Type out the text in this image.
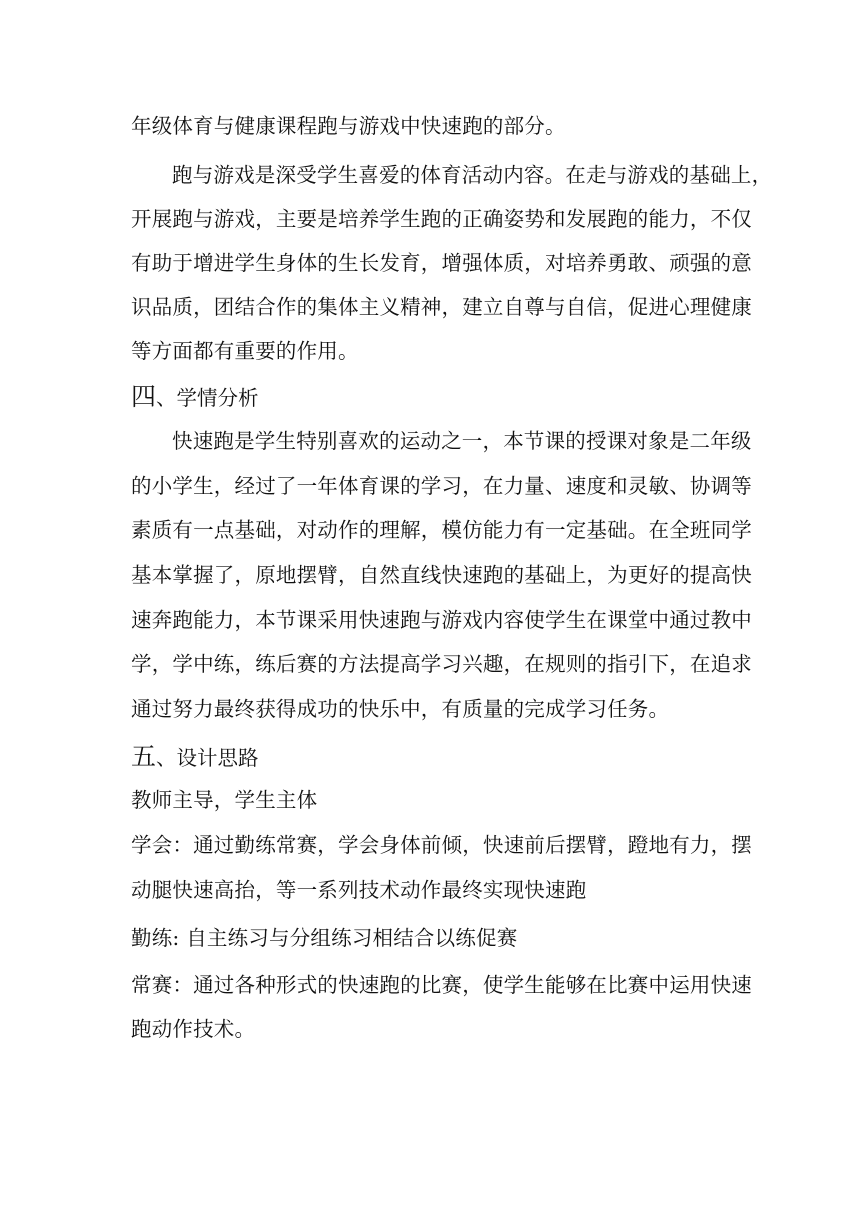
年级体育与健康课程跑与游戏中快速跑的部分。
跑与游戏是深受学生喜爱的体育活动内容。在走与游戏的基础上，
开展跑与游戏，主要是培养学生跑的正确姿势和发展跑的能力，不仅
有助于增进学生身体的生长发育，增强体质，对培养勇敢、顽强的意
识品质，团结合作的集体主义精神，建立自尊与自信，促进心理健康
等方面都有重要的作用。
四、学情分析
快速跑是学生特别喜欢的运动之一，本节课的授课对象是二年级
的小学生，经过了一年体育课的学习，在力量、速度和灵敏、协调等
素质有一点基础，对动作的理解，模仿能力有一定基础。在全班同学
基本掌握了，原地摆臂，自然直线快速跑的基础上，为更好的提高快
速奔跑能力，本节课采用快速跑与游戏内容使学生在课堂中通过教中
学，学中练，练后赛的方法提高学习兴趣，在规则的指引下，在追求
通过努力最终获得成功的快乐中，有质量的完成学习任务。
五、设计思路
教师主导，学生主体
学会：通过勤练常赛，学会身体前倾，快速前后摆臂，蹬地有力，摆
动腿快速高抬，等一系列技术动作最终实现快速跑
勤练: 自主练习与分组练习相结合以练促赛
常赛：通过各种形式的快速跑的比赛，使学生能够在比赛中运用快速
跑动作技术。
